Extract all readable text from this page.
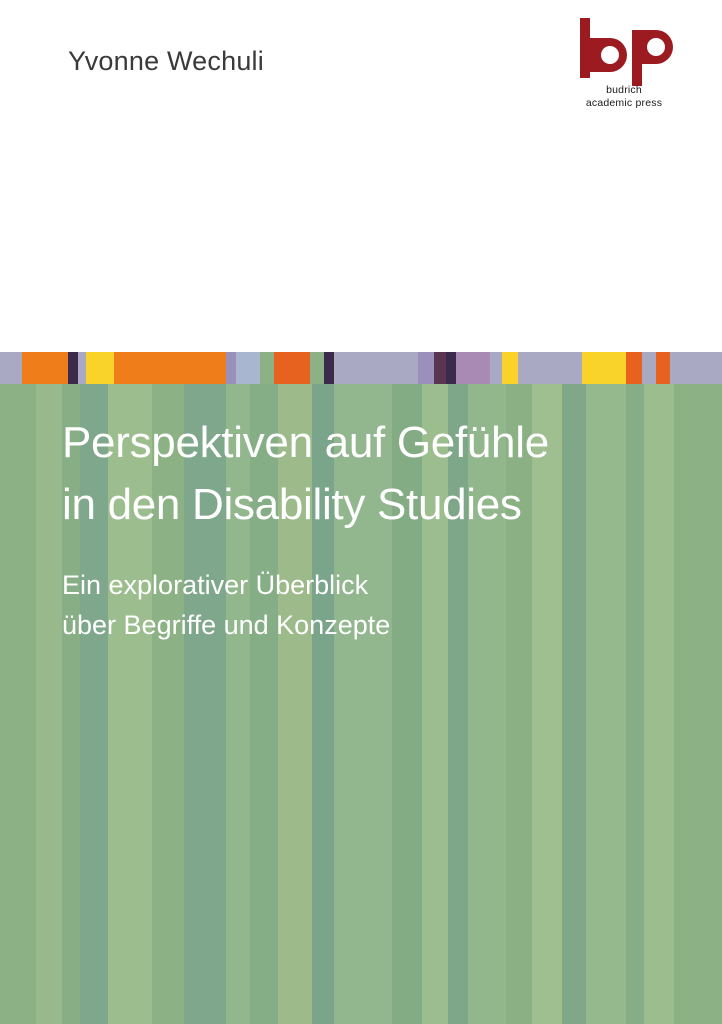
Yvonne Wechuli
budrich
academic press
Perspektiven auf Gefühle
in den Disability Studies
Ein explorativer Überblick
über Begriffe und Konzepte
